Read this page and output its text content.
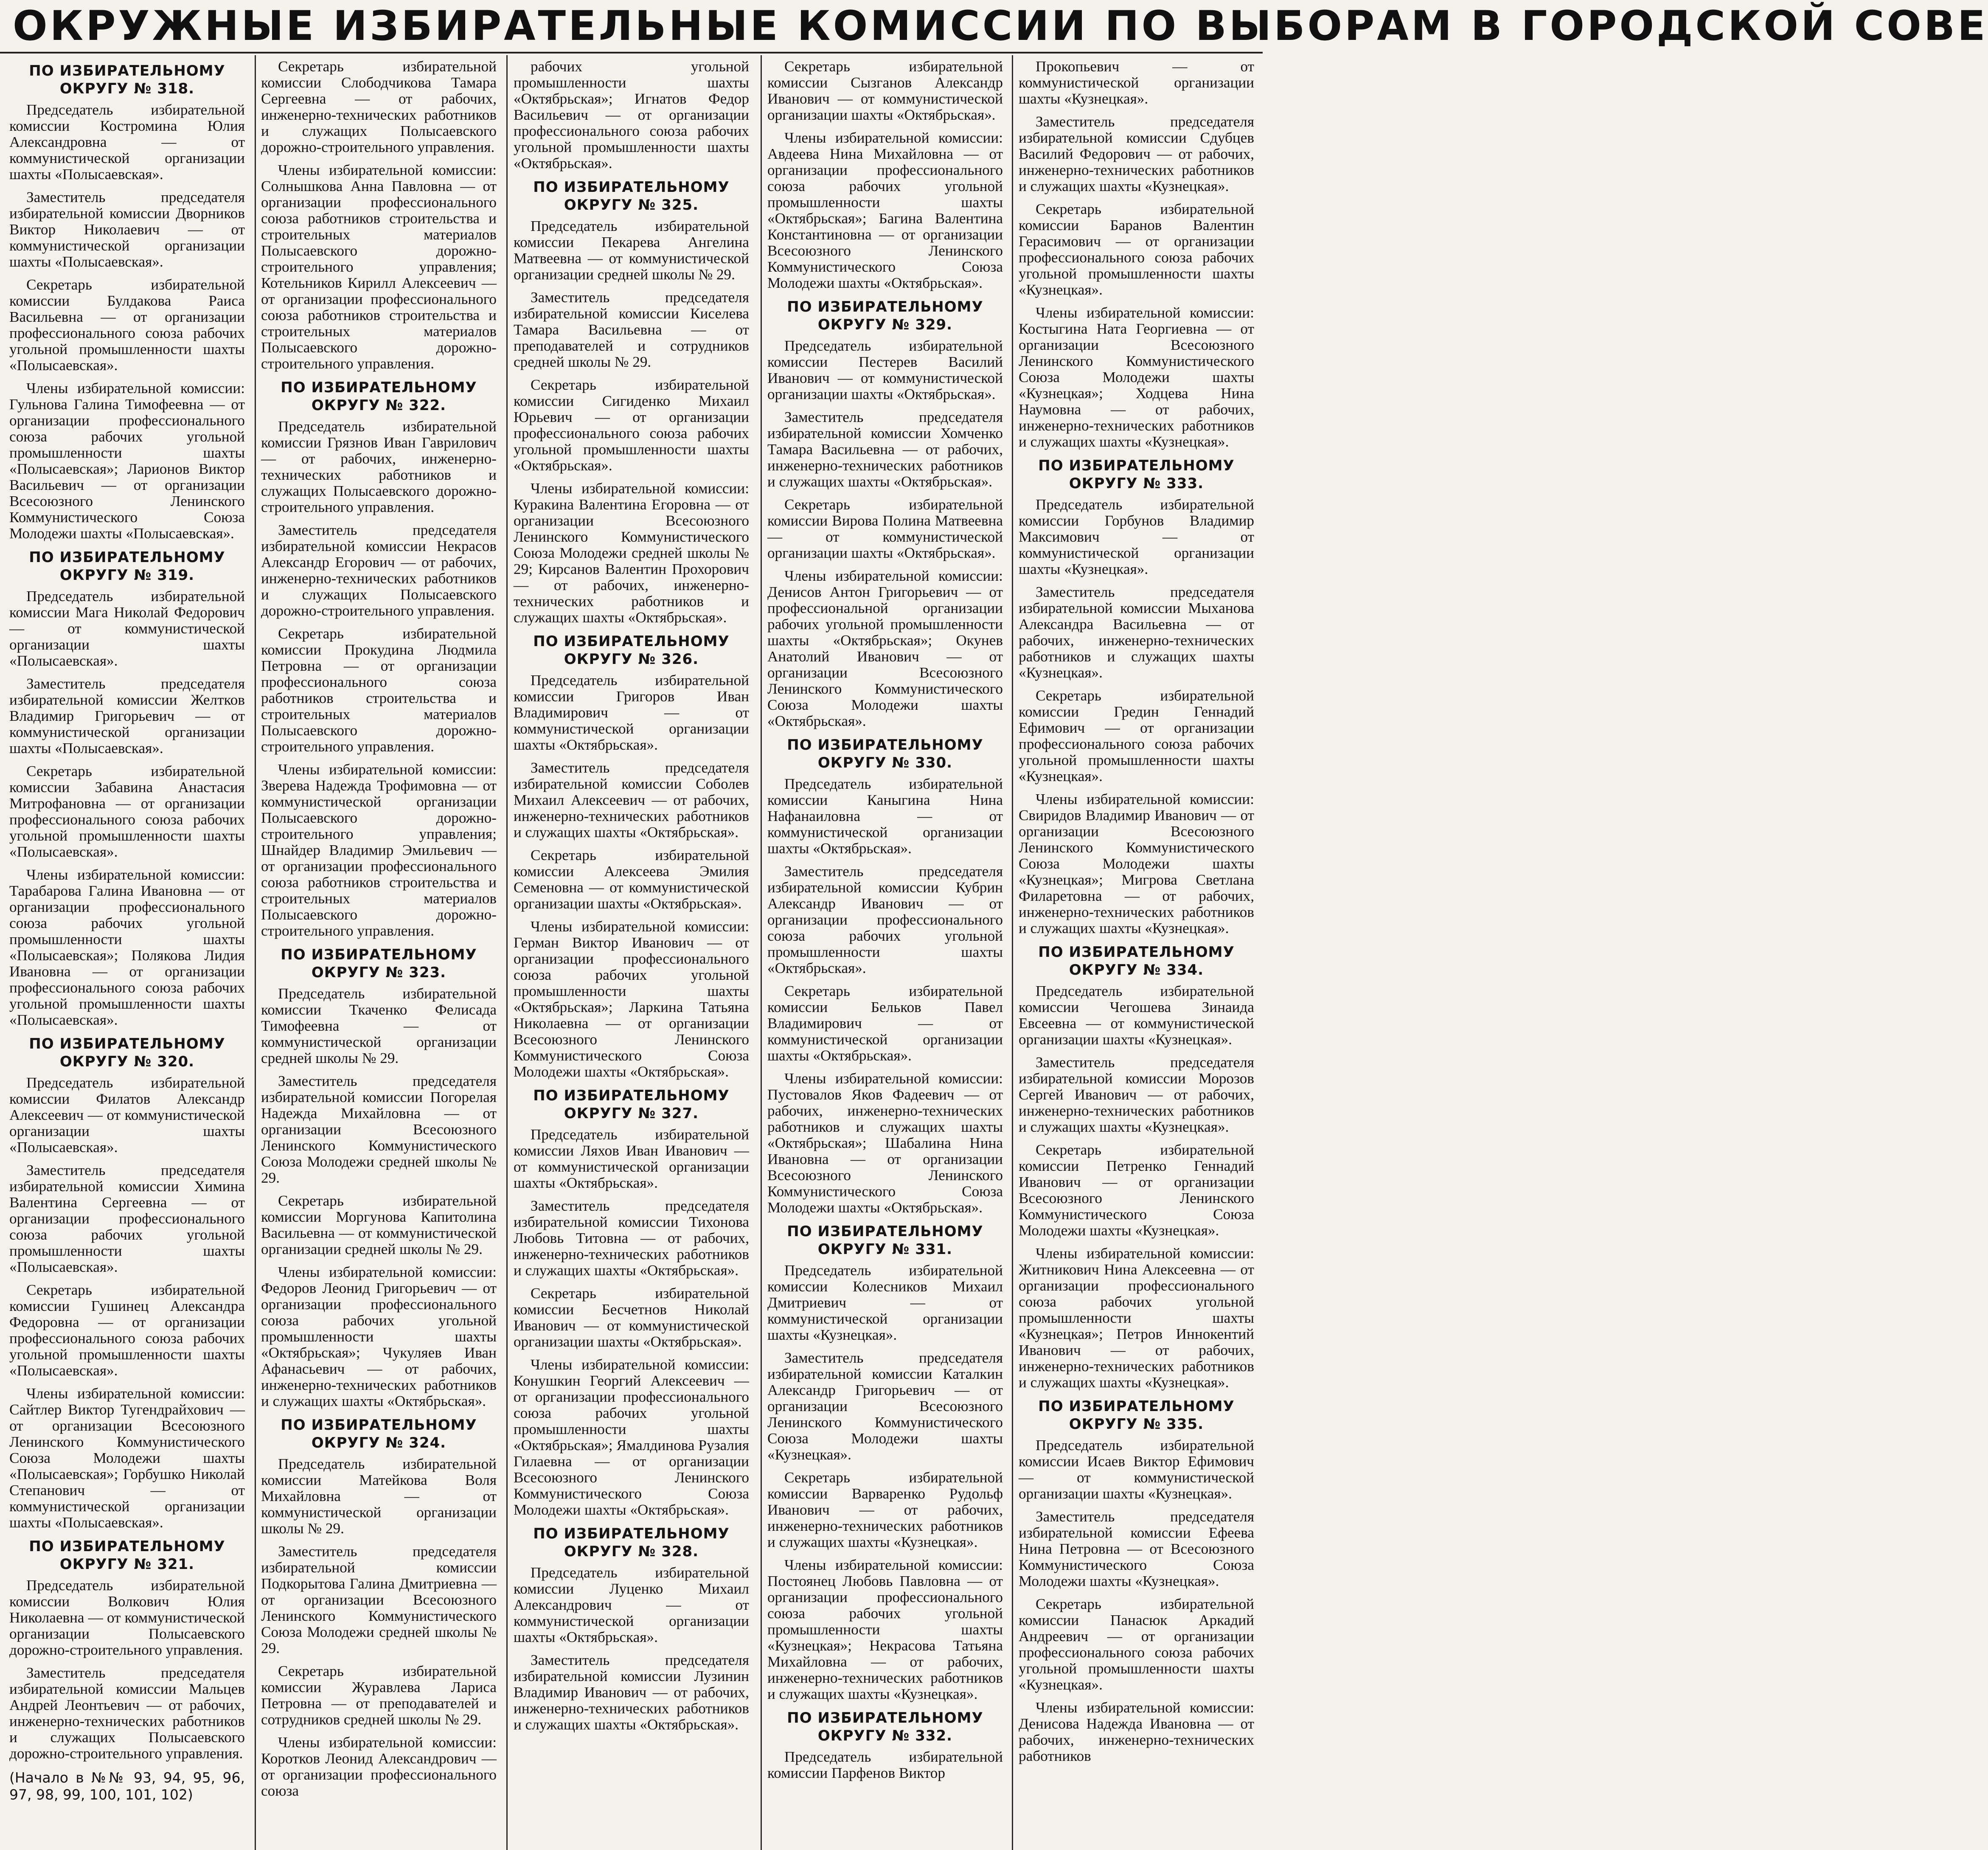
ОКРУЖНЫЕ ИЗБИРАТЕЛЬНЫЕ КОМИССИИ ПО ВЫБОРАМ В ГОРОДСКОЙ СОВЕ
ПО ИЗБИРАТЕЛЬНОМУ ОКРУГУ № 318.
Председатель избирательной комиссии Костромина Юлия Александровна — от коммунистической организации шахты «Полысаевская».
Заместитель председателя избирательной комиссии Дворников Виктор Николаевич — от коммунистической организации шахты «Полысаевская».
Секретарь избирательной комиссии Булдакова Раиса Васильевна — от организации профессионального союза рабочих угольной промышленности шахты «Полысаевская».
Члены избирательной комиссии: Гульнова Галина Тимофеевна — от организации профессионального союза рабочих угольной промышленности шахты «Полысаевская»; Ларионов Виктор Васильевич — от организации Всесоюзного Ленинского Коммунистического Союза Молодежи шахты «Полысаевская».
ПО ИЗБИРАТЕЛЬНОМУ ОКРУГУ № 319.
Председатель избирательной комиссии Мага Николай Федорович — от коммунистической организации шахты «Полысаевская».
Заместитель председателя избирательной комиссии Желтков Владимир Григорьевич — от коммунистической организации шахты «Полысаевская».
Секретарь избирательной комиссии Забавина Анастасия Митрофановна — от организации профессионального союза рабочих угольной промышленности шахты «Полысаевская».
Члены избирательной комиссии: Тарабарова Галина Ивановна — от организации профессионального союза рабочих угольной промышленности шахты «Полысаевская»; Полякова Лидия Ивановна — от организации профессионального союза рабочих угольной промышленности шахты «Полысаевская».
ПО ИЗБИРАТЕЛЬНОМУ ОКРУГУ № 320.
Председатель избирательной комиссии Филатов Александр Алексеевич — от коммунистической организации шахты «Полысаевская».
Заместитель председателя избирательной комиссии Химина Валентина Сергеевна — от организации профессионального союза рабочих угольной промышленности шахты «Полысаевская».
Секретарь избирательной комиссии Гушинец Александра Федоровна — от организации профессионального союза рабочих угольной промышленности шахты «Полысаевская».
Члены избирательной комиссии: Сайтлер Виктор Тугендрайхович — от организации Всесоюзного Ленинского Коммунистического Союза Молодежи шахты «Полысаевская»; Горбушко Николай Степанович — от коммунистической организации шахты «Полысаевская».
ПО ИЗБИРАТЕЛЬНОМУ ОКРУГУ № 321.
Председатель избирательной комиссии Волкович Юлия Николаевна — от коммунистической организации Полысаевского дорожно-строительного управления.
Заместитель председателя избирательной комиссии Мальцев Андрей Леонтьевич — от рабочих, инженерно-технических работников и служащих Полысаевского дорожно-строительного управления.
(Начало в №№ 93, 94, 95, 96, 97, 98, 99, 100, 101, 102)
Секретарь избирательной комиссии Слободчикова Тамара Сергеевна — от рабочих, инженерно-технических работников и служащих Полысаевского дорожно-строительного управления.
Члены избирательной комиссии: Солнышкова Анна Павловна — от организации профессионального союза работников строительства и строительных материалов Полысаевского дорожно-строительного управления; Котельников Кирилл Алексеевич — от организации профессионального союза работников строительства и строительных материалов Полысаевского дорожно-строительного управления.
ПО ИЗБИРАТЕЛЬНОМУ ОКРУГУ № 322.
Председатель избирательной комиссии Грязнов Иван Гаврилович — от рабочих, инженерно-технических работников и служащих Полысаевского дорожно-строительного управления.
Заместитель председателя избирательной комиссии Некрасов Александр Егорович — от рабочих, инженерно-технических работников и служащих Полысаевского дорожно-строительного управления.
Секретарь избирательной комиссии Прокудина Людмила Петровна — от организации профессионального союза работников строительства и строительных материалов Полысаевского дорожно-строительного управления.
Члены избирательной комиссии: Зверева Надежда Трофимовна — от коммунистической организации Полысаевского дорожно-строительного управления; Шнайдер Владимир Эмильевич — от организации профессионального союза работников строительства и строительных материалов Полысаевского дорожно-строительного управления.
ПО ИЗБИРАТЕЛЬНОМУ ОКРУГУ № 323.
Председатель избирательной комиссии Ткаченко Фелисада Тимофеевна — от коммунистической организации средней школы № 29.
Заместитель председателя избирательной комиссии Погорелая Надежда Михайловна — от организации Всесоюзного Ленинского Коммунистического Союза Молодежи средней школы № 29.
Секретарь избирательной комиссии Моргунова Капитолина Васильевна — от коммунистической организации средней школы № 29.
Члены избирательной комиссии: Федоров Леонид Григорьевич — от организации профессионального союза рабочих угольной промышленности шахты «Октябрьская»; Чукуляев Иван Афанасьевич — от рабочих, инженерно-технических работников и служащих шахты «Октябрьская».
ПО ИЗБИРАТЕЛЬНОМУ ОКРУГУ № 324.
Председатель избирательной комиссии Матейкова Воля Михайловна — от коммунистической организации школы № 29.
Заместитель председателя избирательной комиссии Подкорытова Галина Дмитриевна — от организации Всесоюзного Ленинского Коммунистического Союза Молодежи средней школы № 29.
Секретарь избирательной комиссии Журавлева Лариса Петровна — от преподавателей и сотрудников средней школы № 29.
Члены избирательной комиссии: Коротков Леонид Александрович — от организации профессионального союза
рабочих угольной промышленности шахты «Октябрьская»; Игнатов Федор Васильевич — от организации профессионального союза рабочих угольной промышленности шахты «Октябрьская».
ПО ИЗБИРАТЕЛЬНОМУ ОКРУГУ № 325.
Председатель избирательной комиссии Пекарева Ангелина Матвеевна — от коммунистической организации средней школы № 29.
Заместитель председателя избирательной комиссии Киселева Тамара Васильевна — от преподавателей и сотрудников средней школы № 29.
Секретарь избирательной комиссии Сигиденко Михаил Юрьевич — от организации профессионального союза рабочих угольной промышленности шахты «Октябрьская».
Члены избирательной комиссии: Куракина Валентина Егоровна — от организации Всесоюзного Ленинского Коммунистического Союза Молодежи средней школы № 29; Кирсанов Валентин Прохорович — от рабочих, инженерно-технических работников и служащих шахты «Октябрьская».
ПО ИЗБИРАТЕЛЬНОМУ ОКРУГУ № 326.
Председатель избирательной комиссии Григоров Иван Владимирович — от коммунистической организации шахты «Октябрьская».
Заместитель председателя избирательной комиссии Соболев Михаил Алексеевич — от рабочих, инженерно-технических работников и служащих шахты «Октябрьская».
Секретарь избирательной комиссии Алексеева Эмилия Семеновна — от коммунистической организации шахты «Октябрьская».
Члены избирательной комиссии: Герман Виктор Иванович — от организации профессионального союза рабочих угольной промышленности шахты «Октябрьская»; Ларкина Татьяна Николаевна — от организации Всесоюзного Ленинского Коммунистического Союза Молодежи шахты «Октябрьская».
ПО ИЗБИРАТЕЛЬНОМУ ОКРУГУ № 327.
Председатель избирательной комиссии Ляхов Иван Иванович — от коммунистической организации шахты «Октябрьская».
Заместитель председателя избирательной комиссии Тихонова Любовь Титовна — от рабочих, инженерно-технических работников и служащих шахты «Октябрьская».
Секретарь избирательной комиссии Бесчетнов Николай Иванович — от коммунистической организации шахты «Октябрьская».
Члены избирательной комиссии: Конушкин Георгий Алексеевич — от организации профессионального союза рабочих угольной промышленности шахты «Октябрьская»; Ямалдинова Рузалия Гилаевна — от организации Всесоюзного Ленинского Коммунистического Союза Молодежи шахты «Октябрьская».
ПО ИЗБИРАТЕЛЬНОМУ ОКРУГУ № 328.
Председатель избирательной комиссии Луценко Михаил Александрович — от коммунистической организации шахты «Октябрьская».
Заместитель председателя избирательной комиссии Лузинин Владимир Иванович — от рабочих, инженерно-технических работников и служащих шахты «Октябрьская».
Секретарь избирательной комиссии Сызганов Александр Иванович — от коммунистической организации шахты «Октябрьская».
Члены избирательной комиссии: Авдеева Нина Михайловна — от организации профессионального союза рабочих угольной промышленности шахты «Октябрьская»; Багина Валентина Константиновна — от организации Всесоюзного Ленинского Коммунистического Союза Молодежи шахты «Октябрьская».
ПО ИЗБИРАТЕЛЬНОМУ ОКРУГУ № 329.
Председатель избирательной комиссии Пестерев Василий Иванович — от коммунистической организации шахты «Октябрьская».
Заместитель председателя избирательной комиссии Хомченко Тамара Васильевна — от рабочих, инженерно-технических работников и служащих шахты «Октябрьская».
Секретарь избирательной комиссии Вирова Полина Матвеевна — от коммунистической организации шахты «Октябрьская».
Члены избирательной комиссии: Денисов Антон Григорьевич — от профессиональной организации рабочих угольной промышленности шахты «Октябрьская»; Окунев Анатолий Иванович — от организации Всесоюзного Ленинского Коммунистического Союза Молодежи шахты «Октябрьская».
ПО ИЗБИРАТЕЛЬНОМУ ОКРУГУ № 330.
Председатель избирательной комиссии Каныгина Нина Нафанаиловна — от коммунистической организации шахты «Октябрьская».
Заместитель председателя избирательной комиссии Кубрин Александр Иванович — от организации профессионального союза рабочих угольной промышленности шахты «Октябрьская».
Секретарь избирательной комиссии Бельков Павел Владимирович — от коммунистической организации шахты «Октябрьская».
Члены избирательной комиссии: Пустовалов Яков Фадеевич — от рабочих, инженерно-технических работников и служащих шахты «Октябрьская»; Шабалина Нина Ивановна — от организации Всесоюзного Ленинского Коммунистического Союза Молодежи шахты «Октябрьская».
ПО ИЗБИРАТЕЛЬНОМУ ОКРУГУ № 331.
Председатель избирательной комиссии Колесников Михаил Дмитриевич — от коммунистической организации шахты «Кузнецкая».
Заместитель председателя избирательной комиссии Каталкин Александр Григорьевич — от организации Всесоюзного Ленинского Коммунистического Союза Молодежи шахты «Кузнецкая».
Секретарь избирательной комиссии Варваренко Рудольф Иванович — от рабочих, инженерно-технических работников и служащих шахты «Кузнецкая».
Члены избирательной комиссии: Постоянец Любовь Павловна — от организации профессионального союза рабочих угольной промышленности шахты «Кузнецкая»; Некрасова Татьяна Михайловна — от рабочих, инженерно-технических работников и служащих шахты «Кузнецкая».
ПО ИЗБИРАТЕЛЬНОМУ ОКРУГУ № 332.
Председатель избирательной комиссии Парфенов Виктор
Прокопьевич — от коммунистической организации шахты «Кузнецкая».
Заместитель председателя избирательной комиссии Сдубцев Василий Федорович — от рабочих, инженерно-технических работников и служащих шахты «Кузнецкая».
Секретарь избирательной комиссии Баранов Валентин Герасимович — от организации профессионального союза рабочих угольной промышленности шахты «Кузнецкая».
Члены избирательной комиссии: Костыгина Ната Георгиевна — от организации Всесоюзного Ленинского Коммунистического Союза Молодежи шахты «Кузнецкая»; Ходцева Нина Наумовна — от рабочих, инженерно-технических работников и служащих шахты «Кузнецкая».
ПО ИЗБИРАТЕЛЬНОМУ ОКРУГУ № 333.
Председатель избирательной комиссии Горбунов Владимир Максимович — от коммунистической организации шахты «Кузнецкая».
Заместитель председателя избирательной комиссии Мыханова Александра Васильевна — от рабочих, инженерно-технических работников и служащих шахты «Кузнецкая».
Секретарь избирательной комиссии Гредин Геннадий Ефимович — от организации профессионального союза рабочих угольной промышленности шахты «Кузнецкая».
Члены избирательной комиссии: Свиридов Владимир Иванович — от организации Всесоюзного Ленинского Коммунистического Союза Молодежи шахты «Кузнецкая»; Мигрова Светлана Филаретовна — от рабочих, инженерно-технических работников и служащих шахты «Кузнецкая».
ПО ИЗБИРАТЕЛЬНОМУ ОКРУГУ № 334.
Председатель избирательной комиссии Чегошева Зинаида Евсеевна — от коммунистической организации шахты «Кузнецкая».
Заместитель председателя избирательной комиссии Морозов Сергей Иванович — от рабочих, инженерно-технических работников и служащих шахты «Кузнецкая».
Секретарь избирательной комиссии Петренко Геннадий Иванович — от организации Всесоюзного Ленинского Коммунистического Союза Молодежи шахты «Кузнецкая».
Члены избирательной комиссии: Житникович Нина Алексеевна — от организации профессионального союза рабочих угольной промышленности шахты «Кузнецкая»; Петров Иннокентий Иванович — от рабочих, инженерно-технических работников и служащих шахты «Кузнецкая».
ПО ИЗБИРАТЕЛЬНОМУ ОКРУГУ № 335.
Председатель избирательной комиссии Исаев Виктор Ефимович — от коммунистической организации шахты «Кузнецкая».
Заместитель председателя избирательной комиссии Ефеева Нина Петровна — от Всесоюзного Коммунистического Союза Молодежи шахты «Кузнецкая».
Секретарь избирательной комиссии Панасюк Аркадий Андреевич — от организации профессионального союза рабочих угольной промышленности шахты «Кузнецкая».
Члены избирательной комиссии: Денисова Надежда Ивановна — от рабочих, инженерно-технических работников
